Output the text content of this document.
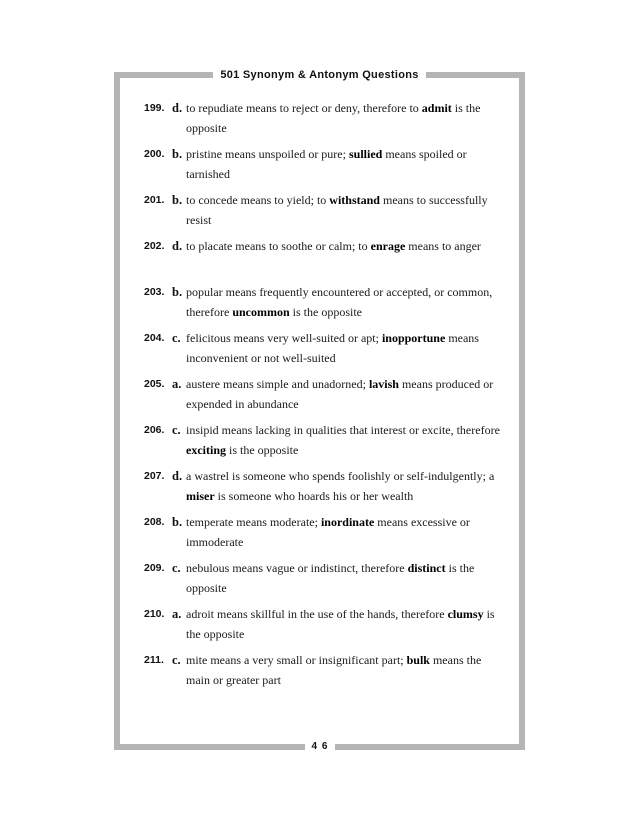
501 Synonym & Antonym Questions
199. d. to repudiate means to reject or deny, therefore to admit is the opposite
200. b. pristine means unspoiled or pure; sullied means spoiled or tarnished
201. b. to concede means to yield; to withstand means to successfully resist
202. d. to placate means to soothe or calm; to enrage means to anger
203. b. popular means frequently encountered or accepted, or common, therefore uncommon is the opposite
204. c. felicitous means very well-suited or apt; inopportune means inconvenient or not well-suited
205. a. austere means simple and unadorned; lavish means produced or expended in abundance
206. c. insipid means lacking in qualities that interest or excite, therefore exciting is the opposite
207. d. a wastrel is someone who spends foolishly or self-indulgently; a miser is someone who hoards his or her wealth
208. b. temperate means moderate; inordinate means excessive or immoderate
209. c. nebulous means vague or indistinct, therefore distinct is the opposite
210. a. adroit means skillful in the use of the hands, therefore clumsy is the opposite
211. c. mite means a very small or insignificant part; bulk means the main or greater part
4 6
